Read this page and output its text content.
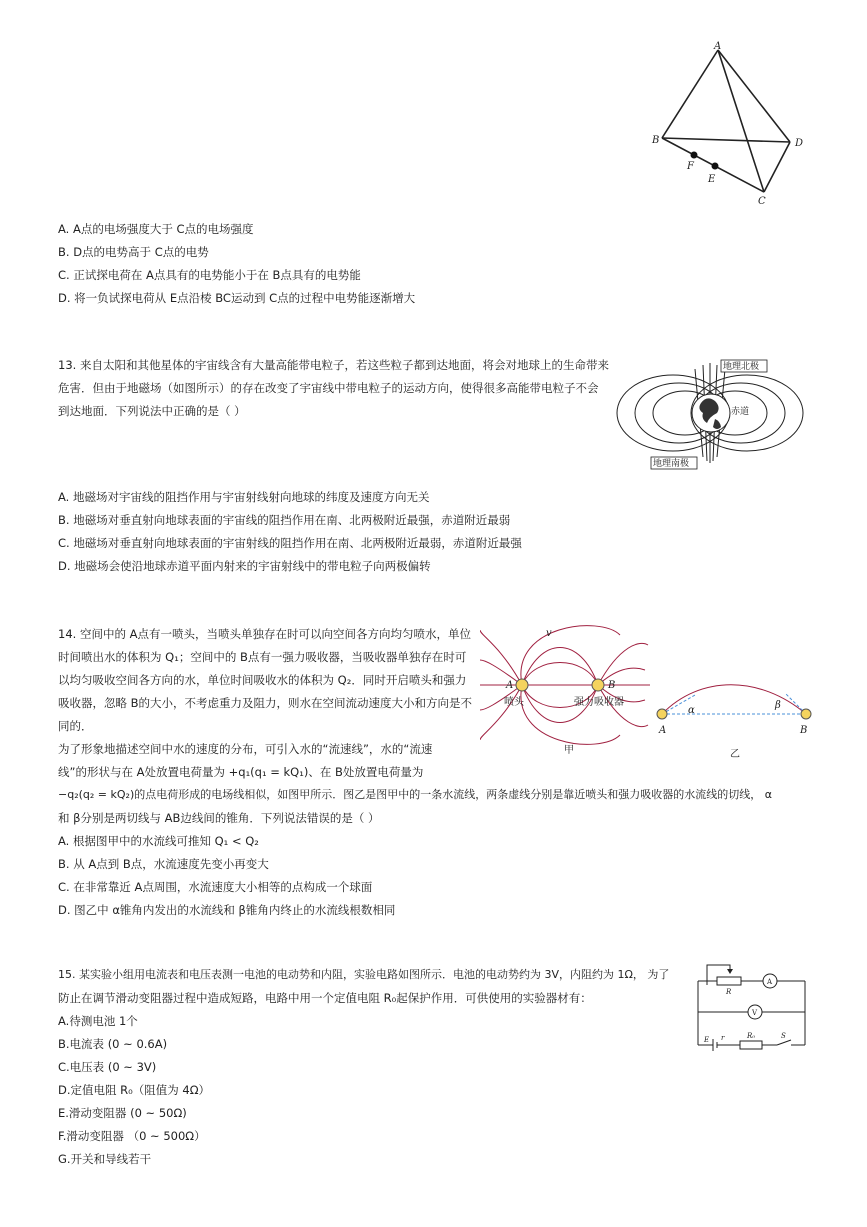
A
B	D
C
F
E
A. A点的电场强度大于 C点的电场强度
B. D点的电势高于 C点的电势
C. 正试探电荷在 A点具有的电势能小于在 B点具有的电势能
D. 将一负试探电荷从 E点沿棱 BC运动到 C点的过程中电势能逐渐增大
13. 来自太阳和其他星体的宇宙线含有大量高能带电粒子，若这些粒子都到达地面，将会对地球上的生命带来
危害．但由于地磁场（如图所示）的存在改变了宇宙线中带电粒子的运动方向，使得很多高能带电粒子不会
到达地面．下列说法中正确的是（ ）
地理北极
地理南极
赤道
A. 地磁场对宇宙线的阻挡作用与宇宙射线射向地球的纬度及速度方向无关
B. 地磁场对垂直射向地球表面的宇宙线的阻挡作用在南、北两极附近最强，赤道附近最弱
C. 地磁场对垂直射向地球表面的宇宙射线的阻挡作用在南、北两极附近最弱，赤道附近最强
D. 地磁场会使沿地球赤道平面内射来的宇宙射线中的带电粒子向两极偏转
14. 空间中的 A点有一喷头，当喷头单独存在时可以向空间各方向均匀喷水，单位
时间喷出水的体积为 Q₁；空间中的 B点有一强力吸收器，当吸收器单独存在时可
以均匀吸收空间各方向的水，单位时间吸收水的体积为 Q₂．同时开启喷头和强力
吸收器，忽略 B的大小，不考虑重力及阻力，则水在空间流动速度大小和方向是不
同的．
为了形象地描述空间中水的速度的分布，可引入水的“流速线”，水的“流速
线”的形状与在 A处放置电荷量为 +q₁(q₁ = kQ₁)、在 B处放置电荷量为
−q₂(q₂ = kQ₂)的点电荷形成的电场线相似，如图甲所示．图乙是图甲中的一条水流线，两条虚线分别是靠近喷头和强力吸收器的水流线的切线， α
和 β分别是两切线与 AB边线间的锥角．下列说法错误的是（ ）
v
A	B
喷头	强力吸收器
甲
α	β
A	B
乙
A. 根据图甲中的水流线可推知 Q₁ < Q₂
B. 从 A点到 B点，水流速度先变小再变大
C. 在非常靠近 A点周围，水流速度大小相等的点构成一个球面
D. 图乙中 α锥角内发出的水流线和 β锥角内终止的水流线根数相同
15. 某实验小组用电流表和电压表测一电池的电动势和内阻，实验电路如图所示．电池的电动势约为 3V，内阻约为 1Ω， 为了
防止在调节滑动变阻器过程中造成短路，电路中用一个定值电阻 R₀起保护作用．可供使用的实验器材有：	R
A
V
E r	R₀	S
A.待测电池 1个
B.电流表 (0 ~ 0.6A)
C.电压表 (0 ~ 3V)
D.定值电阻 R₀（阻值为 4Ω）
E.滑动变阻器 (0 ~ 50Ω)
F.滑动变阻器 （0 ~ 500Ω）
G.开关和导线若干
